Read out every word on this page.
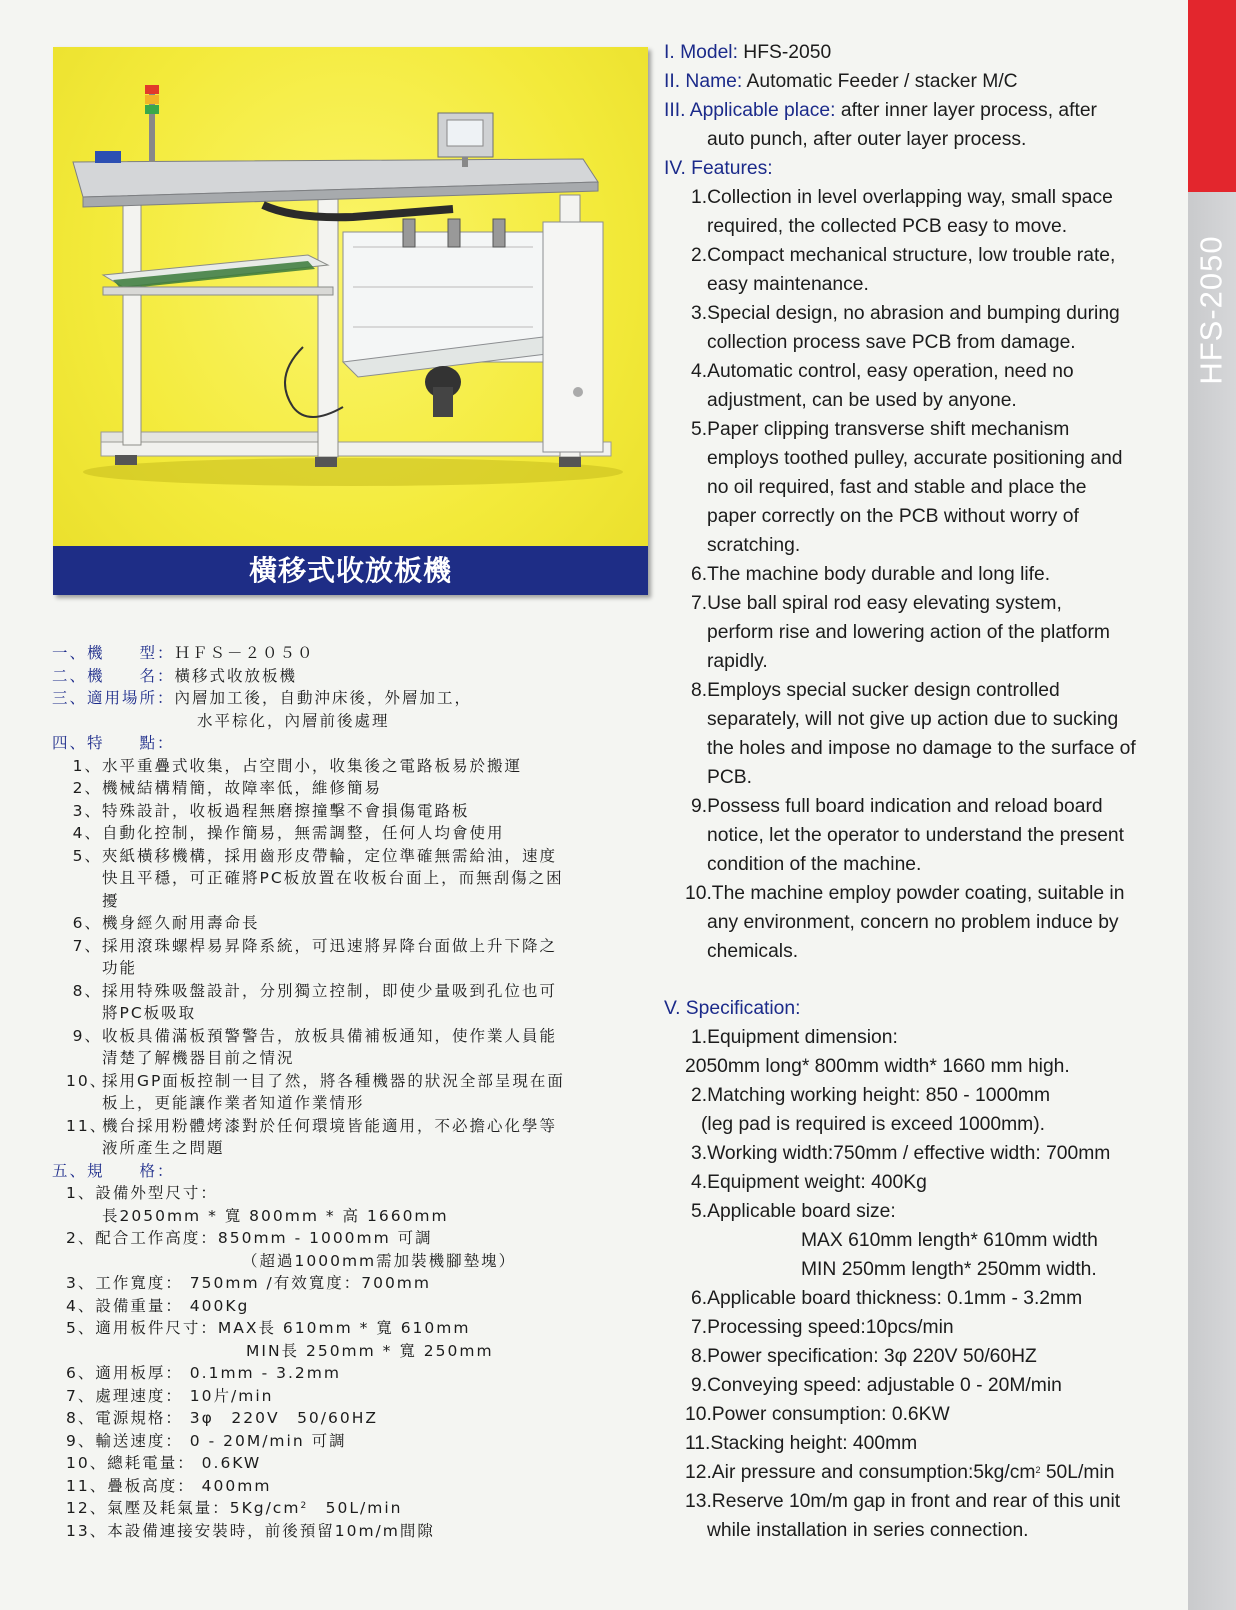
HFS-2050
橫移式收放板機
一、機　　型：ＨＦＳ－２０５０
二、機　　名：橫移式收放板機
三、適用場所：內層加工後，自動沖床後，外層加工，
水平棕化，內層前後處理
四、特　　點：
1、水平重疊式收集，占空間小，收集後之電路板易於搬運
2、機械結構精簡，故障率低，維修簡易
3、特殊設計，收板過程無磨擦撞擊不會損傷電路板
4、自動化控制，操作簡易，無需調整，任何人均會使用
5、夾紙橫移機構，採用齒形皮帶輪，定位準確無需給油，速度
快且平穩，可正確將PC板放置在收板台面上，而無刮傷之困
擾
6、機身經久耐用壽命長
7、採用滾珠螺桿易昇降系統，可迅速將昇降台面做上升下降之
功能
8、採用特殊吸盤設計，分別獨立控制，即使少量吸到孔位也可
將PC板吸取
9、收板具備滿板預警警告，放板具備補板通知，使作業人員能
清楚了解機器目前之情況
10、採用GP面板控制一目了然，將各種機器的狀況全部呈現在面
板上，更能讓作業者知道作業情形
11、機台採用粉體烤漆對於任何環境皆能適用，不必擔心化學等
液所產生之問題
五、規　　格：
1、設備外型尺寸：
長2050mm * 寬 800mm * 高 1660mm
2、配合工作高度：850mm - 1000mm 可調
（超過1000mm需加裝機腳墊塊）
3、工作寬度： 750mm /有效寬度：700mm
4、設備重量： 400Kg
5、適用板件尺寸：MAX長 610mm * 寬 610mm
MIN長 250mm * 寬 250mm
6、適用板厚： 0.1mm - 3.2mm
7、處理速度： 10片/min
8、電源規格： 3φ　220V　50/60HZ
9、輸送速度： 0 - 20M/min 可調
10、總耗電量： 0.6KW
11、疊板高度： 400mm
12、氣壓及耗氣量：$5Kg/cm^2$　50L/min
13、本設備連接安裝時，前後預留10m/m間隙
I. Model: HFS-2050
II. Name: Automatic Feeder / stacker M/C
III. Applicable place: after inner layer process, after
auto punch, after outer layer process.
IV. Features:
1.Collection in level overlapping way, small space
required, the collected PCB easy to move.
2.Compact mechanical structure, low trouble rate,
easy maintenance.
3.Special design, no abrasion and bumping during
collection process save PCB from damage.
4.Automatic control, easy operation, need no
adjustment, can be used by anyone.
5.Paper clipping transverse shift mechanism
employs toothed pulley, accurate positioning and
no oil required, fast and stable and place the
paper correctly on the PCB without worry of
scratching.
6.The machine body durable and long life.
7.Use ball spiral rod easy elevating system,
perform rise and lowering action of the platform
rapidly.
8.Employs special sucker design controlled
separately, will not give up action due to sucking
the holes and impose no damage to the surface of
PCB.
9.Possess full board indication and reload board
notice, let the operator to understand the present
condition of the machine.
10.The machine employ powder coating, suitable in
any environment, concern no problem induce by
chemicals.
V. Specification:
1.Equipment dimension:
2050mm long* 800mm width* 1660 mm high.
2.Matching working height: 850 - 1000mm
(leg pad is required is exceed 1000mm).
3.Working width:750mm / effective width: 700mm
4.Equipment weight: 400Kg
5.Applicable board size:
MAX 610mm length* 610mm width
MIN 250mm length* 250mm width.
6.Applicable board thickness: 0.1mm - 3.2mm
7.Processing speed:10pcs/min
8.Power specification: 3φ 220V 50/60HZ
9.Conveying speed: adjustable 0 - 20M/min
10.Power consumption: 0.6KW
11.Stacking height: 400mm
12.Air pressure and $consumption:5kg/cm^2$ 50L/min
13.Reserve 10m/m gap in front and rear of this unit
while installation in series connection.
